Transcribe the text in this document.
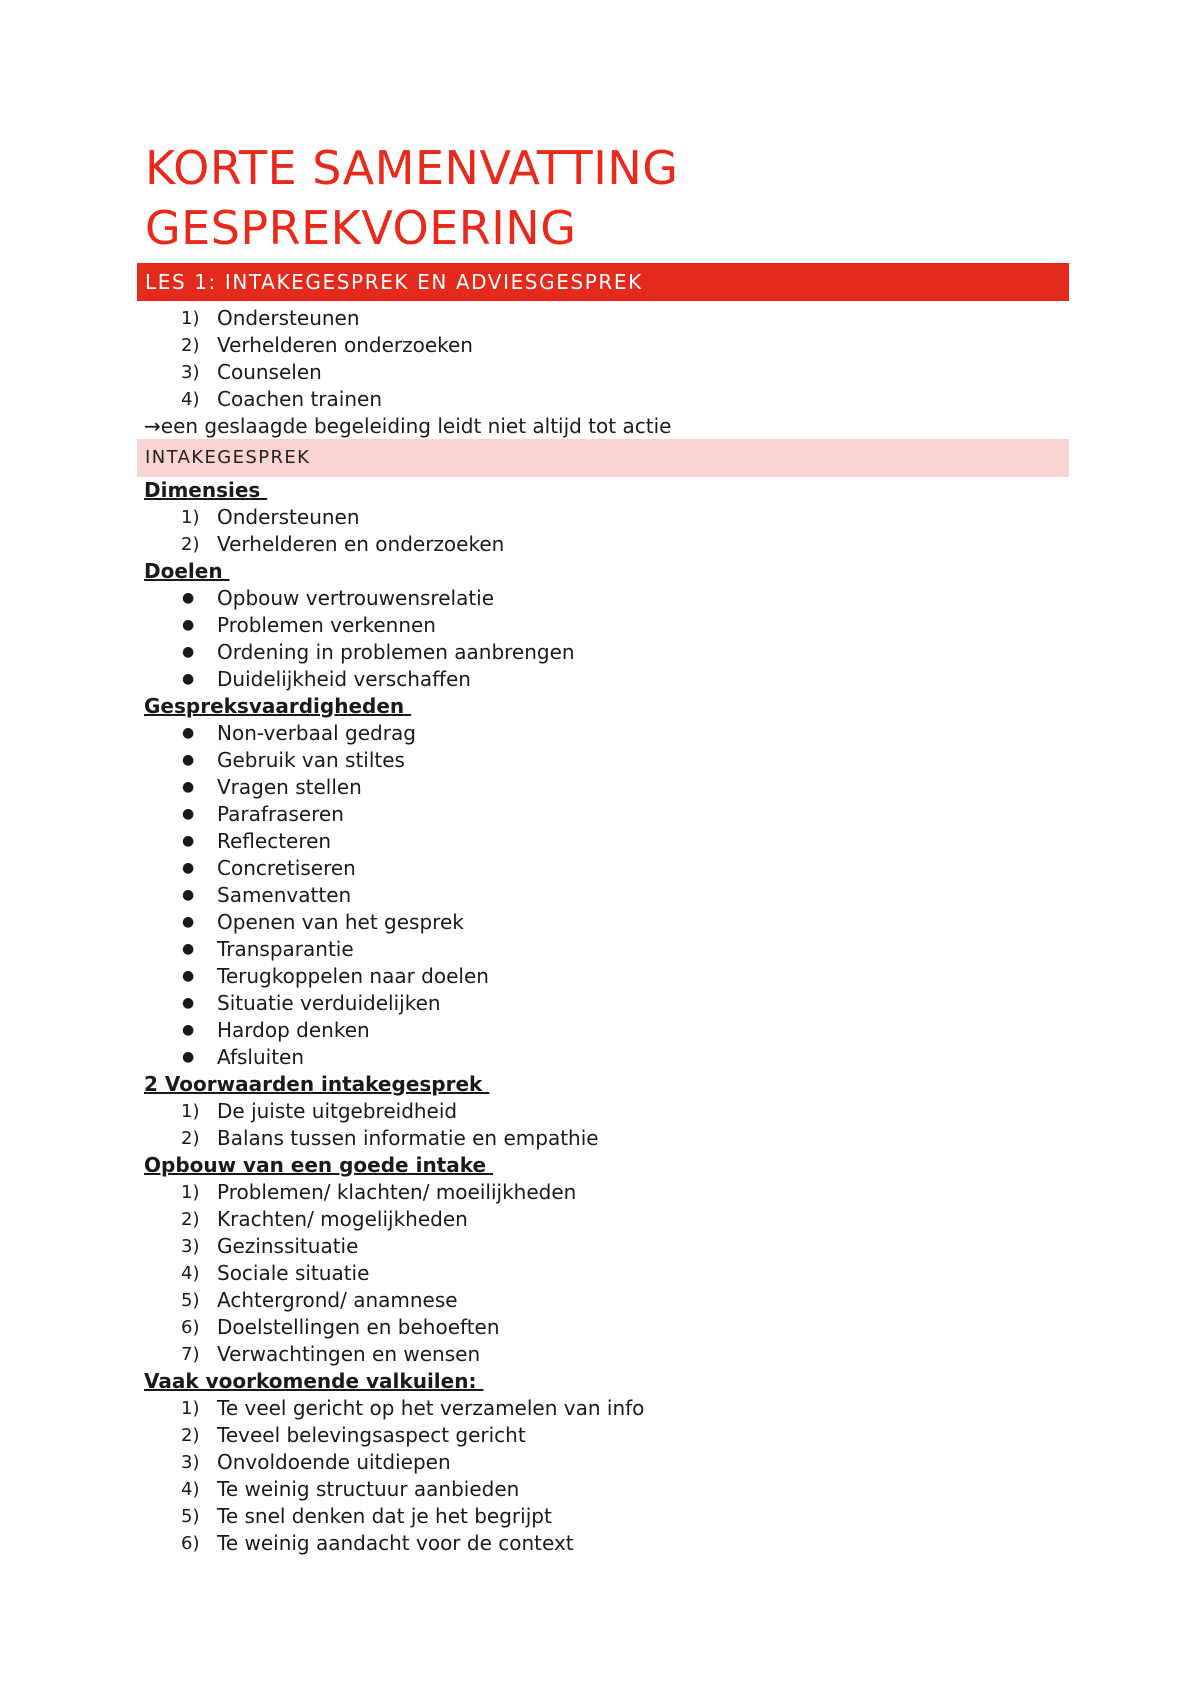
KORTE SAMENVATTING
GESPREKVOERING
LES 1: INTAKEGESPREK EN ADVIESGESPREK
1) Ondersteunen
2) Verhelderen onderzoeken
3) Counselen
4) Coachen trainen
→een geslaagde begeleiding leidt niet altijd tot actie
INTAKEGESPREK
Dimensies
1) Ondersteunen
2) Verhelderen en onderzoeken
Doelen
●	Opbouw vertrouwensrelatie
●	Problemen verkennen
●	Ordening in problemen aanbrengen
●	Duidelijkheid verschaffen
Gespreksvaardigheden
●	Non-verbaal gedrag
●	Gebruik van stiltes
●	Vragen stellen
●	Parafraseren
●	Reflecteren
●	Concretiseren
●	Samenvatten
●	Openen van het gesprek
●	Transparantie
●	Terugkoppelen naar doelen
●	Situatie verduidelijken
●	Hardop denken
●	Afsluiten
2 Voorwaarden intakegesprek
1) De juiste uitgebreidheid
2) Balans tussen informatie en empathie
Opbouw van een goede intake
1) Problemen/ klachten/ moeilijkheden
2) Krachten/ mogelijkheden
3) Gezinssituatie
4) Sociale situatie
5) Achtergrond/ anamnese
6) Doelstellingen en behoeften
7) Verwachtingen en wensen
Vaak voorkomende valkuilen:
1) Te veel gericht op het verzamelen van info
2) Teveel belevingsaspect gericht
3) Onvoldoende uitdiepen
4) Te weinig structuur aanbieden
5) Te snel denken dat je het begrijpt
6) Te weinig aandacht voor de context
